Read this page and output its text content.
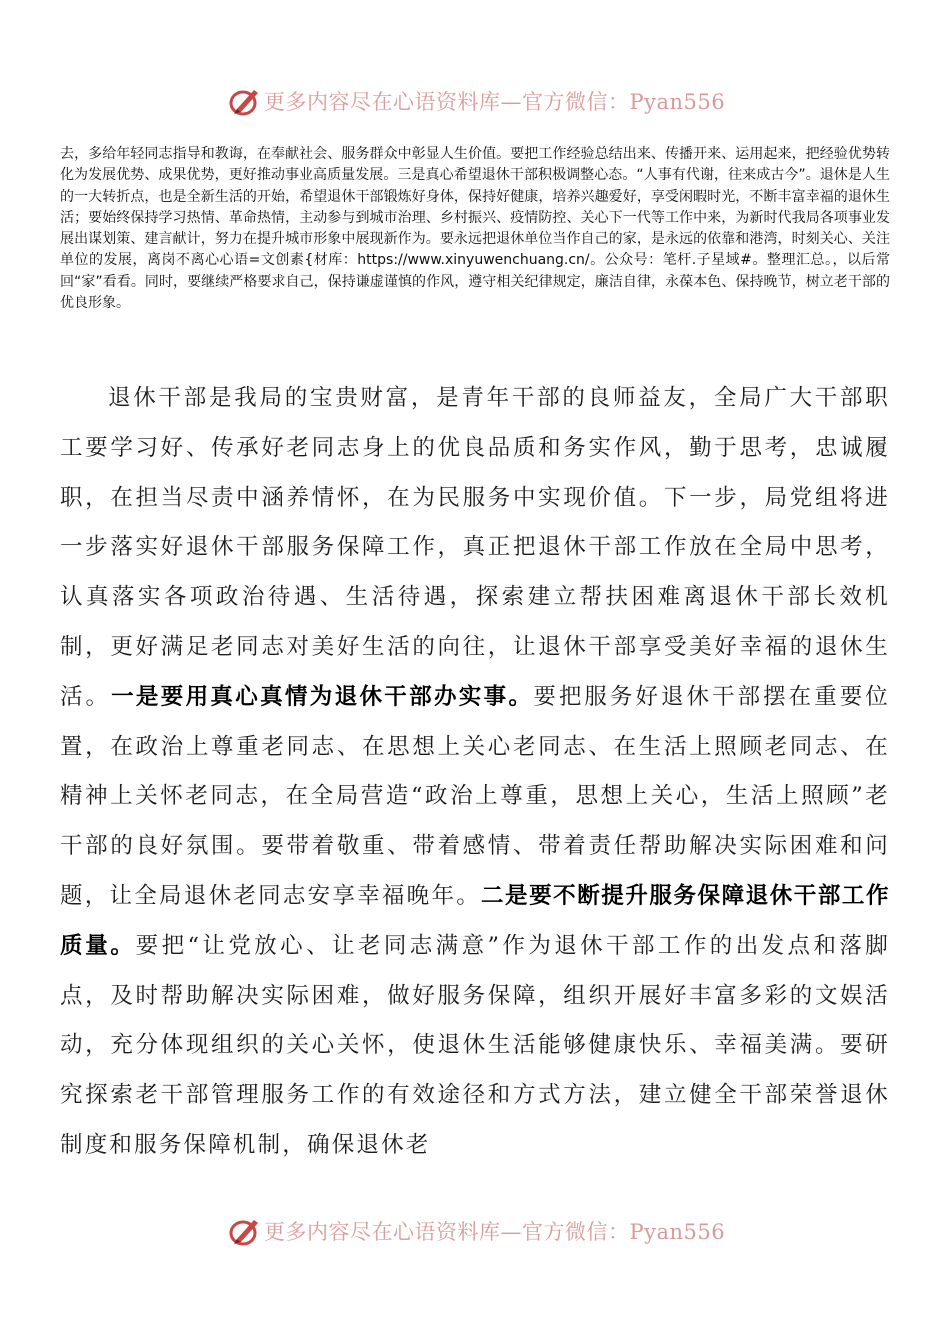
更多内容尽在心语资料库—官方微信：Pyan556

去，多给年轻同志指导和教诲，在奉献社会、服务群众中彰显人生价值。要把工作经验总结出来、传播开来、运用起来，把经验优势转化为发展优势、成果优势，更好推动事业高质量发展。三是真心希望退休干部积极调整心态。“人事有代谢，往来成古今”。退休是人生的一大转折点，也是全新生活的开始，希望退休干部锻炼好身体，保持好健康，培养兴趣爱好，享受闲暇时光，不断丰富幸福的退休生活；要始终保持学习热情、革命热情，主动参与到城市治理、乡村振兴、疫情防控、关心下一代等工作中来，为新时代我局各项事业发展出谋划策、建言献计，努力在提升城市形象中展现新作为。要永远把退休单位当作自己的家，是永远的依靠和港湾，时刻关心、关注单位的发展，离岗不离心心语=文创素{材库：https://www.xinyuwenchuang.cn/。公众号：笔杆.子星域#。整理汇总。，以后常回“家”看看。同时，要继续严格要求自己，保持谦虚谨慎的作风，遵守相关纪律规定，廉洁自律，永葆本色、保持晚节，树立老干部的优良形象。

退休干部是我局的宝贵财富，是青年干部的良师益友，全局广大干部职工要学习好、传承好老同志身上的优良品质和务实作风，勤于思考，忠诚履职，在担当尽责中涵养情怀，在为民服务中实现价值。下一步，局党组将进一步落实好退休干部服务保障工作，真正把退休干部工作放在全局中思考，认真落实各项政治待遇、生活待遇，探索建立帮扶困难离退休干部长效机制，更好满足老同志对美好生活的向往，让退休干部享受美好幸福的退休生活。一是要用真心真情为退休干部办实事。要把服务好退休干部摆在重要位置，在政治上尊重老同志、在思想上关心老同志、在生活上照顾老同志、在精神上关怀老同志，在全局营造“政治上尊重，思想上关心，生活上照顾”老干部的良好氛围。要带着敬重、带着感情、带着责任帮助解决实际困难和问题，让全局退休老同志安享幸福晚年。二是要不断提升服务保障退休干部工作质量。要把“让党放心、让老同志满意”作为退休干部工作的出发点和落脚点，及时帮助解决实际困难，做好服务保障，组织开展好丰富多彩的文娱活动，充分体现组织的关心关怀，使退休生活能够健康快乐、幸福美满。要研究探索老干部管理服务工作的有效途径和方式方法，建立健全干部荣誉退休制度和服务保障机制，确保退休老

更多内容尽在心语资料库—官方微信：Pyan556
